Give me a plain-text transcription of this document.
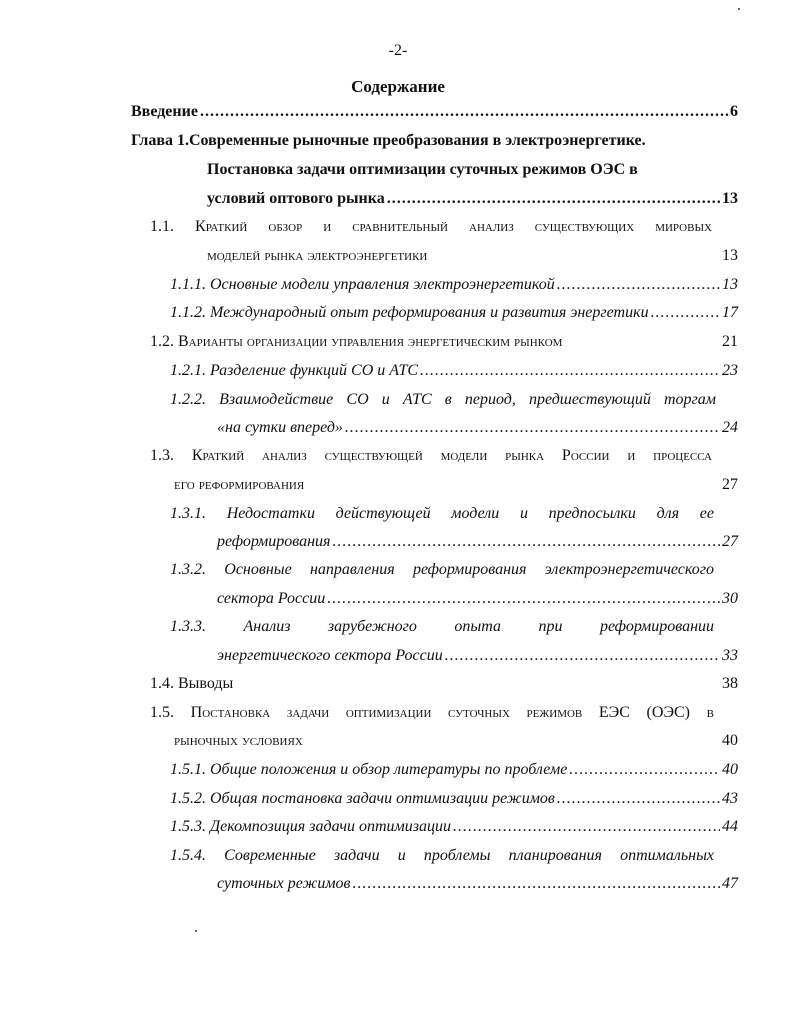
-2-
Содержание
Введение .....	6
Глава 1.Современные рыночные преобразования в электроэнергетике.
Постановка задачи оптимизации суточных режимов ОЭС в
условий оптового рынка .....	13
1.1. Краткий обзор и сравнительный анализ существующих мировых
моделей рынка электроэнергетики	13
1.1.1. Основные модели управления электроэнергетикой .....	13
1.1.2. Международный опыт реформирования и развития энергетики .....	17
1.2. Варианты организации управления энергетическим рынком	21
1.2.1. Разделение функций СО и АТС .....	23
1.2.2. Взаимодействие СО и АТС в период, предшествующий торгам
«на сутки вперед» .....	24
1.3. Краткий анализ существующей модели рынка России и процесса
его реформирования	27
1.3.1. Недостатки действующей модели и предпосылки для ее
реформирования .....	27
1.3.2. Основные направления реформирования электроэнергетического
сектора России .....	30
1.3.3. Анализ зарубежного опыта при реформировании
энергетического сектора России .....	33
1.4. Выводы	38
1.5. Постановка задачи оптимизации суточных режимов ЕЭС (ОЭС) в
рыночных условиях	40
1.5.1. Общие положения и обзор литературы по проблеме .....	40
1.5.2. Общая постановка задачи оптимизации режимов .....	43
1.5.3. Декомпозиция задачи оптимизации .....	44
1.5.4. Современные задачи и проблемы планирования оптимальных
суточных режимов .....	47
